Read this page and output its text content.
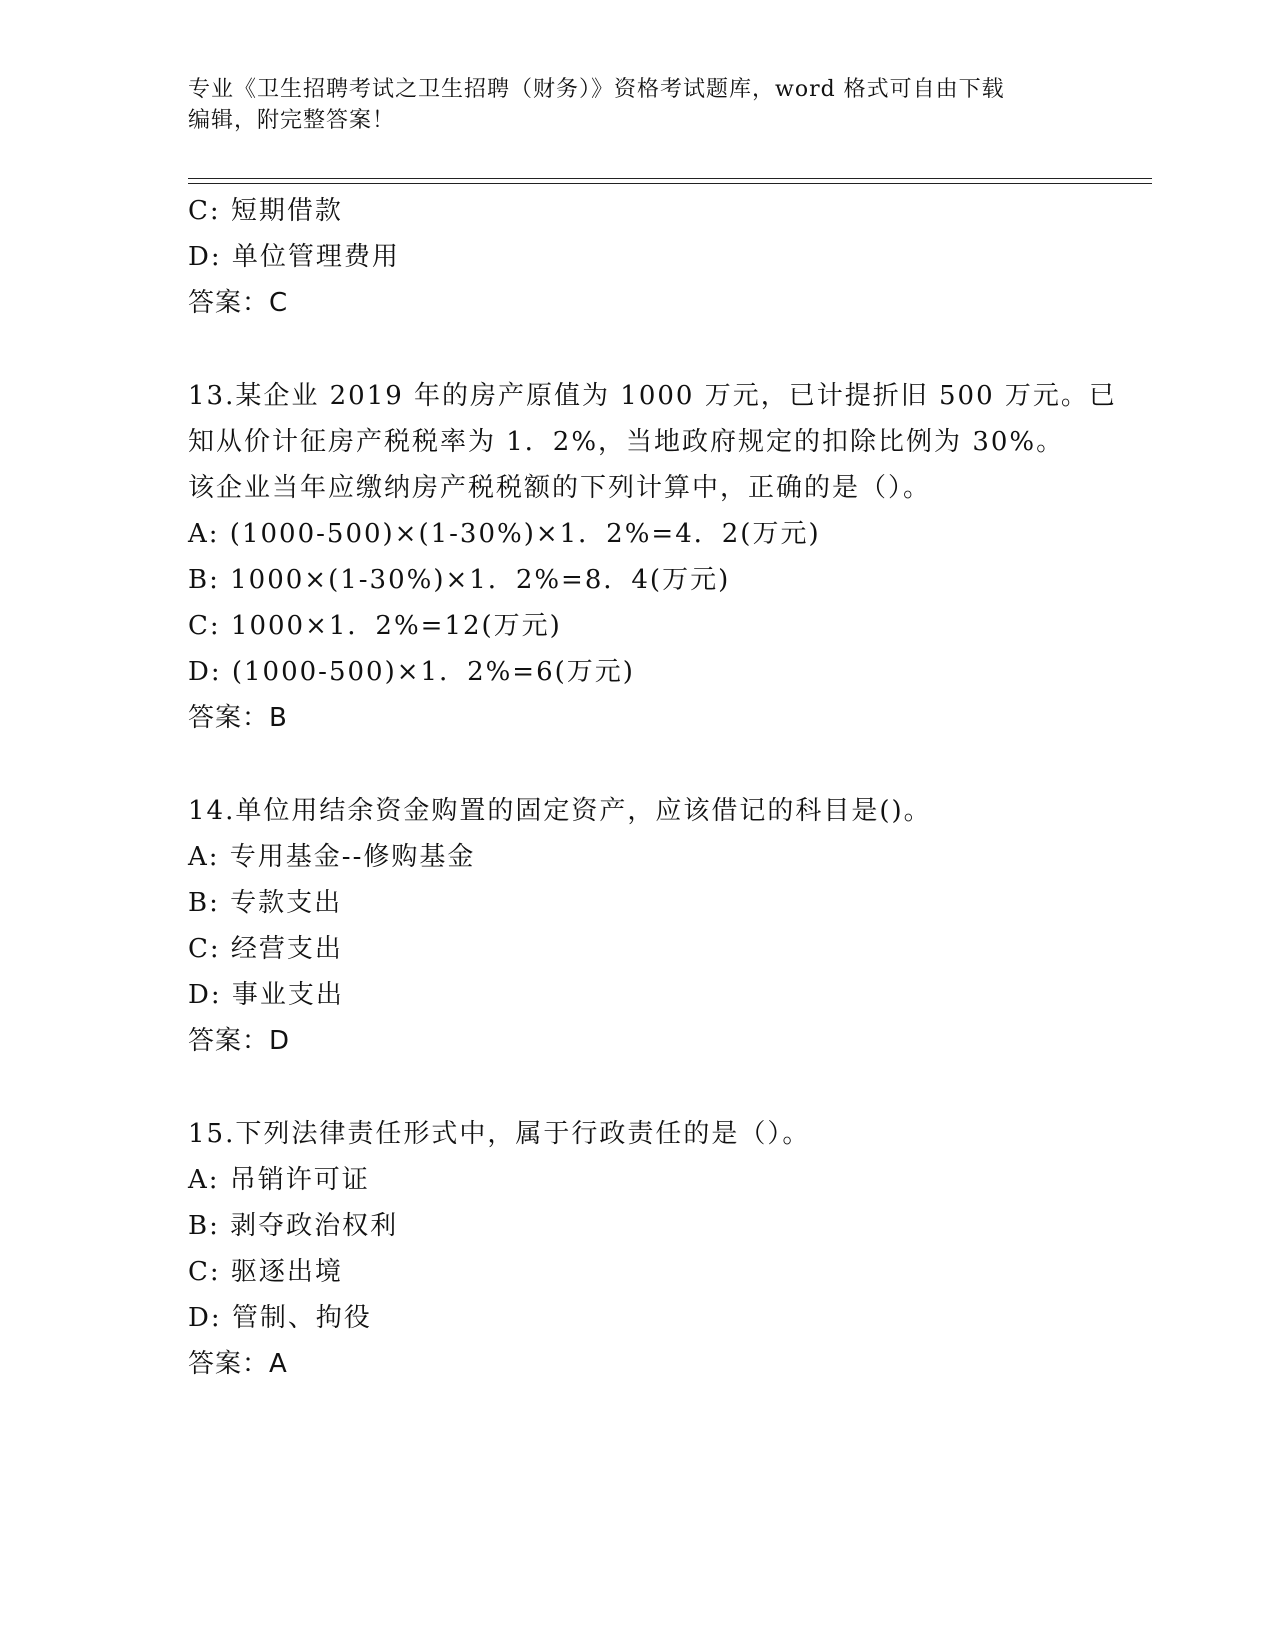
专业《卫生招聘考试之卫生招聘（财务）》资格考试题库，word 格式可自由下载
编辑，附完整答案！
C: 短期借款
D: 单位管理费用
答案：C
13.某企业 2019 年的房产原值为 1000 万元，已计提折旧 500 万元。已
知从价计征房产税税率为 1．2%，当地政府规定的扣除比例为 30%。
该企业当年应缴纳房产税税额的下列计算中，正确的是（）。
A: (1000-500)×(1-30%)×1．2%=4．2(万元)
B: 1000×(1-30%)×1．2%=8．4(万元)
C: 1000×1．2%=12(万元)
D: (1000-500)×1．2%=6(万元)
答案：B
14.单位用结余资金购置的固定资产，应该借记的科目是()。
A: 专用基金--修购基金
B: 专款支出
C: 经营支出
D: 事业支出
答案：D
15.下列法律责任形式中，属于行政责任的是（）。
A: 吊销许可证
B: 剥夺政治权利
C: 驱逐出境
D: 管制、拘役
答案：A
